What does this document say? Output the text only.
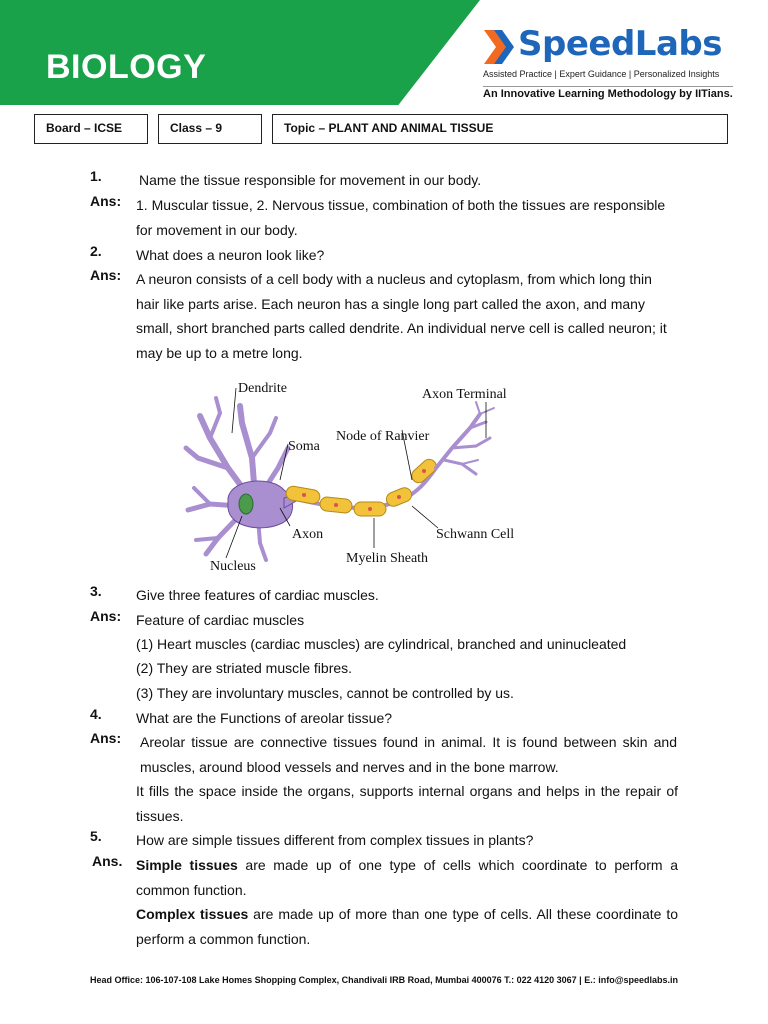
BIOLOGY
SpeedLabs
Assisted Practice | Expert Guidance | Personalized Insights
An Innovative Learning Methodology by IITians.
Board – ICSE	Class – 9	Topic – PLANT AND ANIMAL TISSUE
1.	Name the tissue responsible for movement in our body.
Ans: 1. Muscular tissue, 2. Nervous tissue, combination of both the tissues are responsible for movement in our body.
2. What does a neuron look like?
Ans: A neuron consists of a cell body with a nucleus and cytoplasm, from which long thin hair like parts arise. Each neuron has a single long part called the axon, and many small, short branched parts called dendrite. An individual nerve cell is called neuron; it may be up to a metre long.
Dendrite	Axon Terminal
Node of Ranvier
Soma
Axon	Schwann Cell
Myelin Sheath
Nucleus
3. Give three features of cardiac muscles.
Ans: Feature of cardiac muscles
(1) Heart muscles (cardiac muscles) are cylindrical, branched and uninucleated
(2) They are striated muscle fibres.
(3) They are involuntary muscles, cannot be controlled by us.
4. What are the Functions of areolar tissue?
Ans: Areolar tissue are connective tissues found in animal. It is found between skin and muscles, around blood vessels and nerves and in the bone marrow.
It fills the space inside the organs, supports internal organs and helps in the repair of tissues.
5. How are simple tissues different from complex tissues in plants?
Ans. Simple tissues are made up of one type of cells which coordinate to perform a common function.
Complex tissues are made up of more than one type of cells. All these coordinate to perform a common function.
Head Office: 106-107-108 Lake Homes Shopping Complex, Chandivali IRB Road, Mumbai 400076 T.: 022 4120 3067 | E.: info@speedlabs.in
